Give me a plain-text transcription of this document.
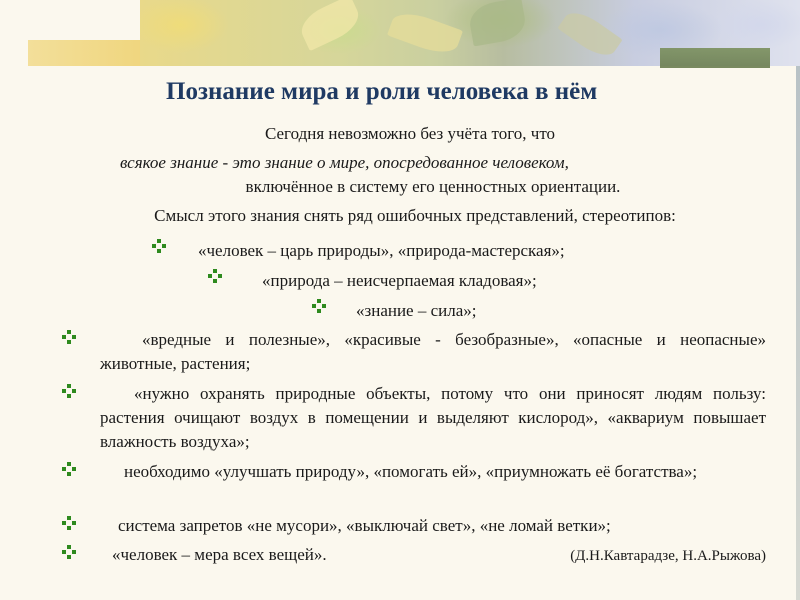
Познание мира и роли человека в нём
Сегодня невозможно без учёта того, что
всякое знание - это знание о мире, опосредованное человеком,
включённое в систему его ценностных ориентации.
Смысл этого знания снять ряд ошибочных представлений, стереотипов:
«человек – царь природы», «природа-мастерская»;
«природа – неисчерпаемая кладовая»;
«знание – сила»;
«вредные и полезные», «красивые - безобразные», «опасные и неопасные» животные, растения;
«нужно охранять природные объекты, потому что они приносят людям пользу: растения очищают воздух в помещении и выделяют кислород», «аквариум повышает влажность воздуха»;
необходимо «улучшать природу», «помогать ей», «приумножать её богатства»;
система запретов «не мусори», «выключай свет», «не ломай ветки»;
«человек – мера всех вещей».	(Д.Н.Кавтарадзе, Н.А.Рыжова)
